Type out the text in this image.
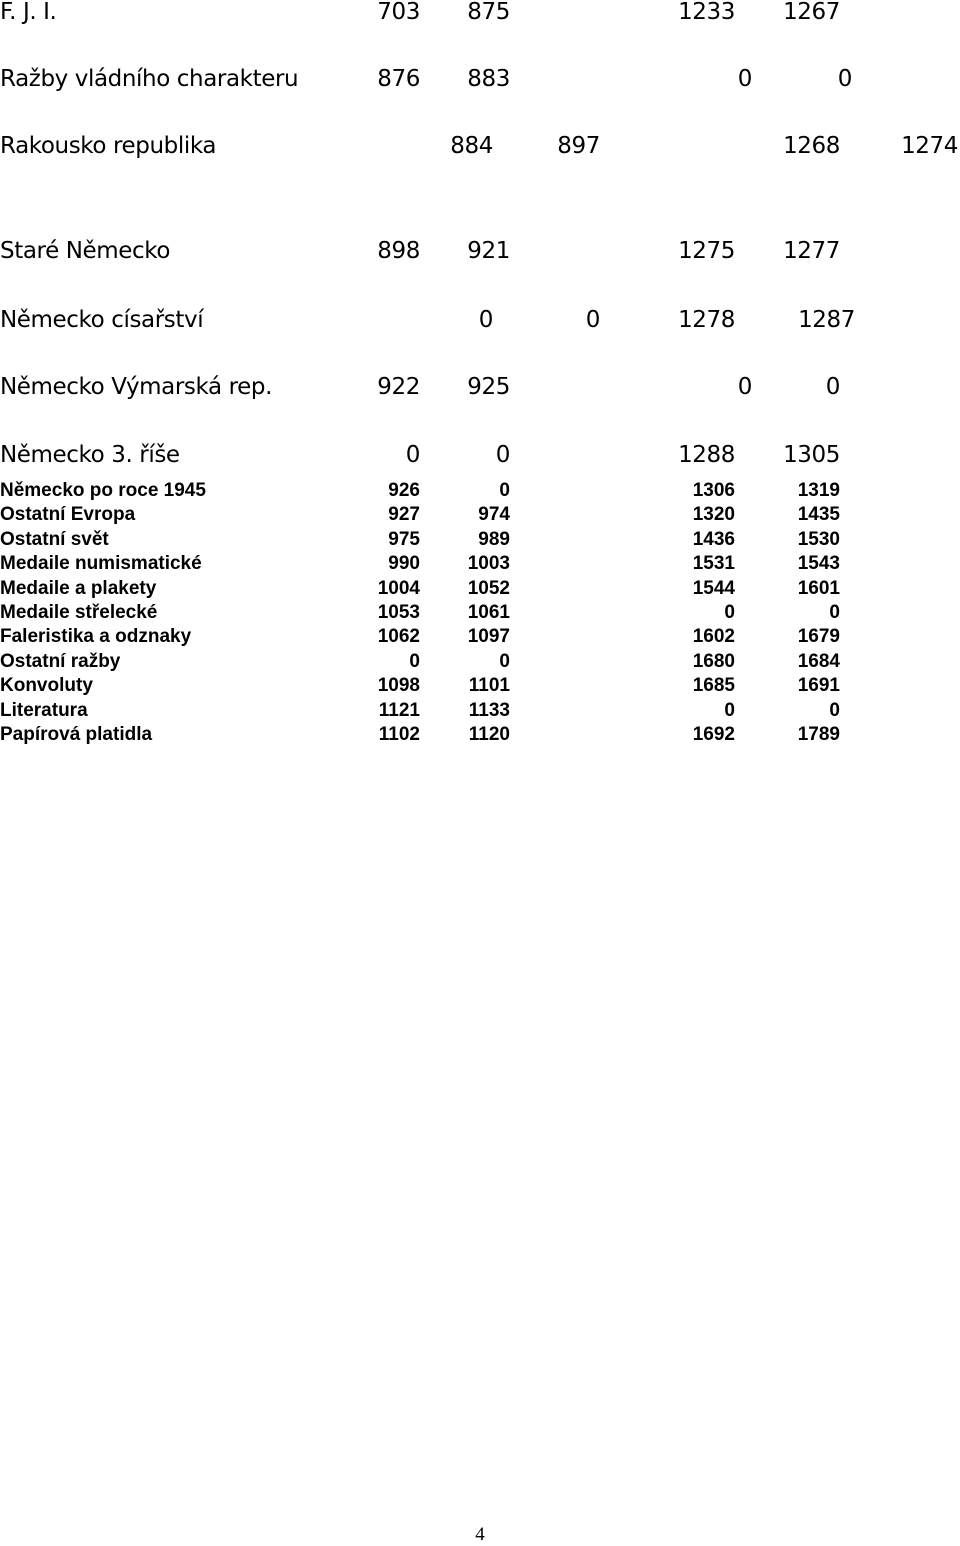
F. J. I.	703	875	1233	1267
Ražby vládního charakteru	876	883	0	0
Rakousko republika	884	897	1268	1274
Staré Německo	898	921	1275	1277
Německo císařství	0	0	1278	1287
Německo Výmarská rep.	922	925	0	0
Německo 3. říše	0	0	1288	1305
Německo po roce 1945	926	0	1306	1319
Ostatní Evropa	927	974	1320	1435
Ostatní svět	975	989	1436	1530
Medaile numismatické	990	1003	1531	1543
Medaile a plakety	1004	1052	1544	1601
Medaile střelecké	1053	1061	0	0
Faleristika a odznaky	1062	1097	1602	1679
Ostatní ražby	0	0	1680	1684
Konvoluty	1098	1101	1685	1691
Literatura	1121	1133	0	0
Papírová platidla	1102	1120	1692	1789
4
